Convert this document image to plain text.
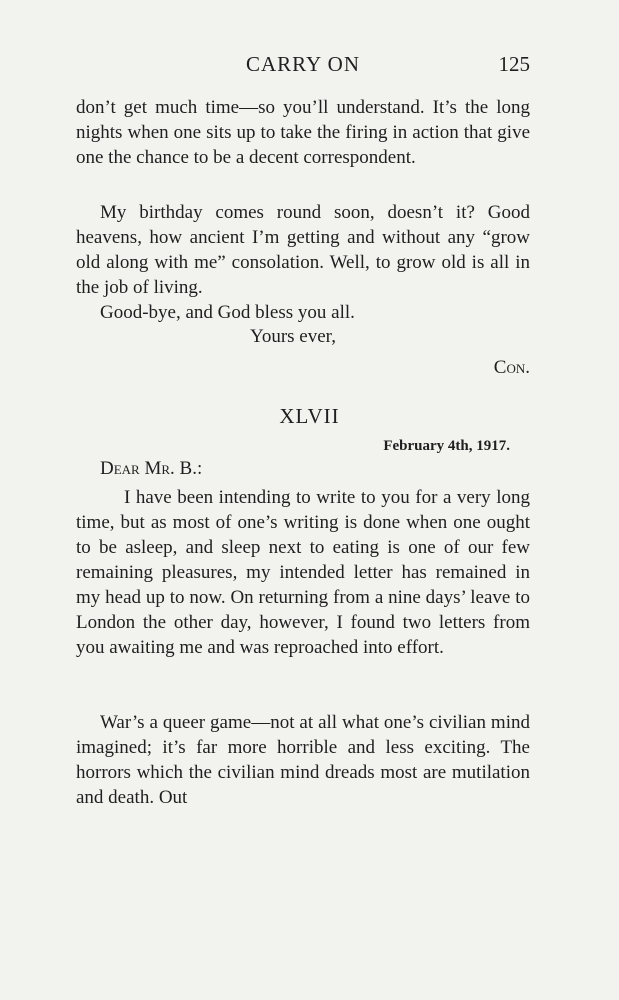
CARRY ON	125

don’t get much time—so you’ll understand. It’s the long nights when one sits up to take the firing in action that give one the chance to be a decent correspondent.

My birthday comes round soon, doesn’t it? Good heavens, how ancient I’m getting and without any “grow old along with me” consolation. Well, to grow old is all in the job of living.

Good-bye, and God bless you all.

Yours ever,
Con.
XLVII
February 4th, 1917.
Dear Mr. B.:

I have been intending to write to you for a very long time, but as most of one’s writing is done when one ought to be asleep, and sleep next to eating is one of our few remaining pleasures, my intended letter has remained in my head up to now. On returning from a nine days’ leave to London the other day, however, I found two letters from you awaiting me and was reproached into effort.

War’s a queer game—not at all what one’s civilian mind imagined; it’s far more horrible and less exciting. The horrors which the civilian mind dreads most are mutilation and death. Out
